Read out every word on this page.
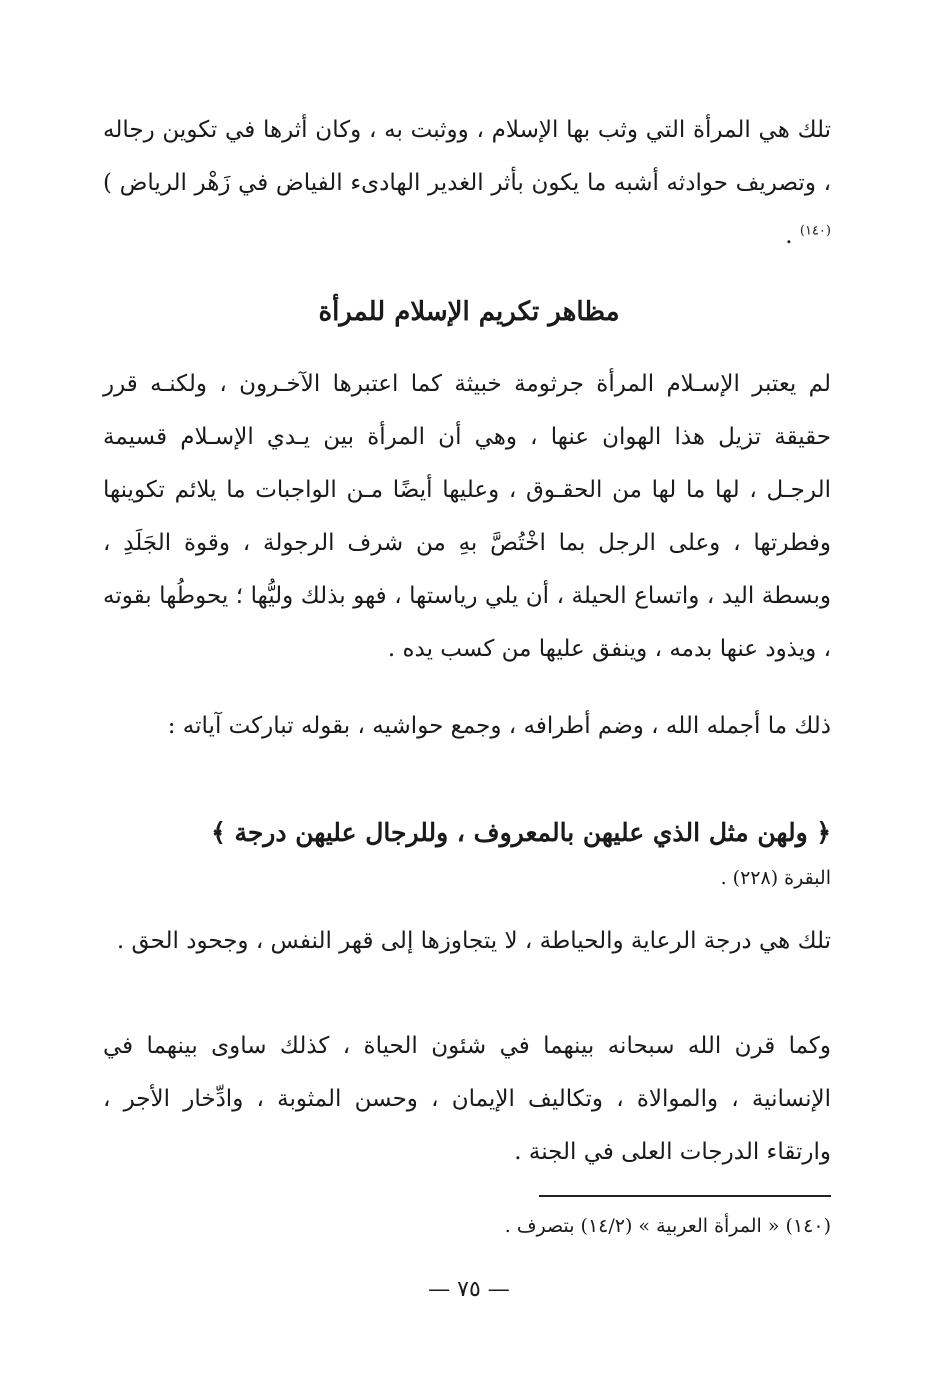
تلك هي المرأة التي وثب بها الإسلام ، ووثبت به ، وكان أثرها في تكوين رجاله ، وتصريف حوادثه أشبه ما يكون بأثر الغدير الهادىء الفياض في زَهْر الرياض )$^{(١٤٠)}$ .

مظاهر تكريم الإسلام للمرأة

لم يعتبر الإسـلام المرأة جرثومة خبيثة كما اعتبرها الآخـرون ، ولكنـه قرر حقيقة تزيل هذا الهوان عنها ، وهي أن المرأة بين يـدي الإسـلام قسيمة الرجـل ، لها ما لها من الحقـوق ، وعليها أيضًا مـن الواجبات ما يلائم تكوينها وفطرتها ، وعلى الرجل بما اخْتُصَّ بهِ من شرف الرجولة ، وقوة الجَلَدِ ، وبسطة اليد ، واتساع الحيلة ، أن يلي رياستها ، فهو بذلك وليُّها ؛ يحوطُها بقوته ، ويذود عنها بدمه ، وينفق عليها من كسب يده .

ذلك ما أجمله الله ، وضم أطرافه ، وجمع حواشيه ، بقوله تباركت آياته :

﴿ ولهن مثل الذي عليهن بالمعروف ، وللرجال عليهن درجة ﴾
البقرة (٢٢٨) .

تلك هي درجة الرعاية والحياطة ، لا يتجاوزها إلى قهر النفس ، وجحود الحق .

وكما قرن الله سبحانه بينهما في شئون الحياة ، كذلك ساوى بينهما في الإنسانية ، والموالاة ، وتكاليف الإيمان ، وحسن المثوبة ، وادِّخار الأجر ، وارتقاء الدرجات العلى في الجنة .

(١٤٠) « المرأة العربية » (١٤/٢) بتصرف .

— ٧٥ —
